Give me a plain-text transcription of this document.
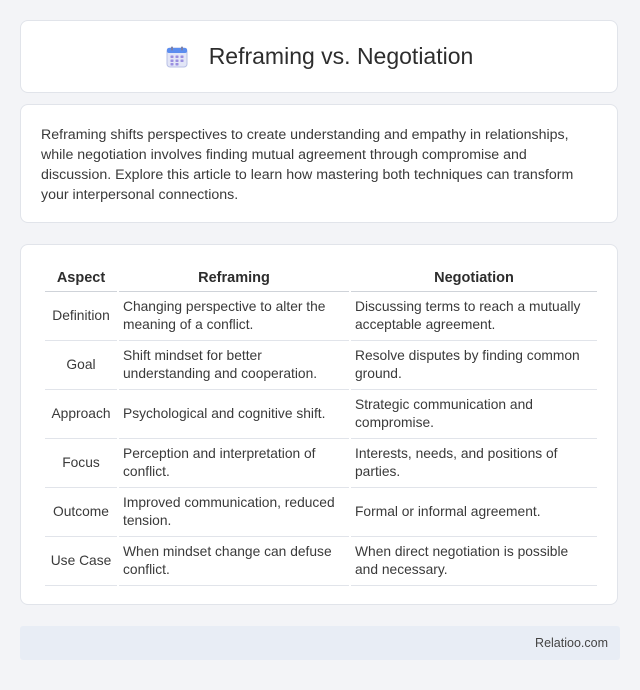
Reframing vs. Negotiation

Reframing shifts perspectives to create understanding and empathy in relationships, while negotiation involves finding mutual agreement through compromise and discussion. Explore this article to learn how mastering both techniques can transform your interpersonal connections.

Aspect	Reframing	Negotiation
Definition	Changing perspective to alter the meaning of a conflict.	Discussing terms to reach a mutually acceptable agreement.
Goal	Shift mindset for better understanding and cooperation.	Resolve disputes by finding common ground.
Approach	Psychological and cognitive shift.	Strategic communication and compromise.
Focus	Perception and interpretation of conflict.	Interests, needs, and positions of parties.
Outcome	Improved communication, reduced tension.	Formal or informal agreement.
Use Case	When mindset change can defuse conflict.	When direct negotiation is possible and necessary.
Relatioo.com
